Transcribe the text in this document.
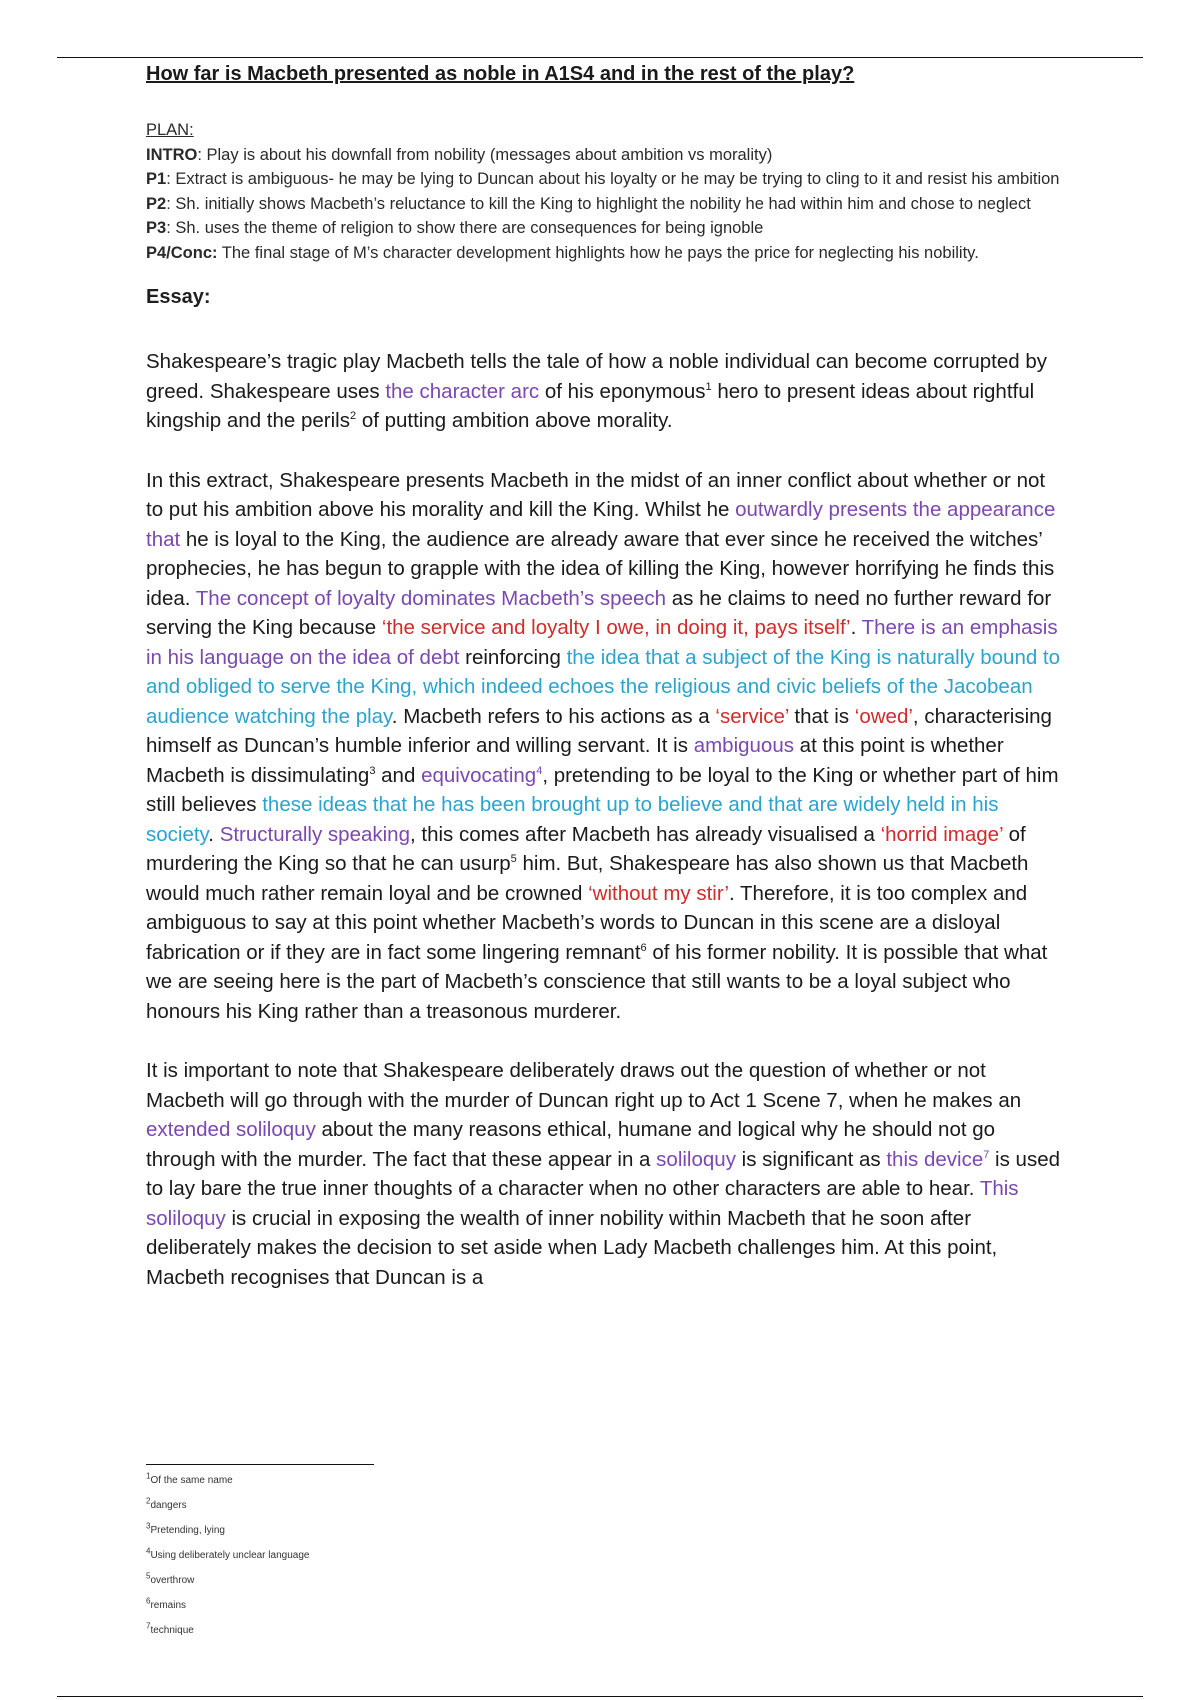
How far is Macbeth presented as noble in A1S4 and in the rest of the play?
PLAN:
INTRO: Play is about his downfall from nobility (messages about ambition vs morality)
P1: Extract is ambiguous- he may be lying to Duncan about his loyalty or he may be trying to cling to it and resist his ambition
P2: Sh. initially shows Macbeth’s reluctance to kill the King to highlight the nobility he had within him and chose to neglect
P3: Sh. uses the theme of religion to show there are consequences for being ignoble
P4/Conc: The final stage of M’s character development highlights how he pays the price for neglecting his nobility.
Essay:

Shakespeare’s tragic play Macbeth tells the tale of how a noble individual can become corrupted by greed. Shakespeare uses the character arc of his eponymous$^1$ hero to present ideas about rightful kingship and the perils$^2$ of putting ambition above morality.

In this extract, Shakespeare presents Macbeth in the midst of an inner conflict about whether or not to put his ambition above his morality and kill the King. Whilst he outwardly presents the appearance that he is loyal to the King, the audience are already aware that ever since he received the witches’ prophecies, he has begun to grapple with the idea of killing the King, however horrifying he finds this idea. The concept of loyalty dominates Macbeth’s speech as he claims to need no further reward for serving the King because ‘the service and loyalty I owe, in doing it, pays itself’. There is an emphasis in his language on the idea of debt reinforcing the idea that a subject of the King is naturally bound to and obliged to serve the King, which indeed echoes the religious and civic beliefs of the Jacobean audience watching the play. Macbeth refers to his actions as a ‘service’ that is ‘owed’, characterising himself as Duncan’s humble inferior and willing servant. It is ambiguous at this point is whether Macbeth is dissimulating$^3$ and equivocating$^4$, pretending to be loyal to the King or whether part of him still believes these ideas that he has been brought up to believe and that are widely held in his society. Structurally speaking, this comes after Macbeth has already visualised a ‘horrid image’ of murdering the King so that he can usurp$^5$ him. But, Shakespeare has also shown us that Macbeth would much rather remain loyal and be crowned ‘without my stir’. Therefore, it is too complex and ambiguous to say at this point whether Macbeth’s words to Duncan in this scene are a disloyal fabrication or if they are in fact some lingering remnant$^6$ of his former nobility. It is possible that what we are seeing here is the part of Macbeth’s conscience that still wants to be a loyal subject who honours his King rather than a treasonous murderer.

It is important to note that Shakespeare deliberately draws out the question of whether or not Macbeth will go through with the murder of Duncan right up to Act 1 Scene 7, when he makes an extended soliloquy about the many reasons ethical, humane and logical why he should not go through with the murder. The fact that these appear in a soliloquy is significant as this device$^7$ is used to lay bare the true inner thoughts of a character when no other characters are able to hear. This soliloquy is crucial in exposing the wealth of inner nobility within Macbeth that he soon after deliberately makes the decision to set aside when Lady Macbeth challenges him. At this point, Macbeth recognises that Duncan is a

$^1$Of the same name
$^2$dangers
$^3$Pretending, lying
$^4$Using deliberately unclear language
$^5$overthrow
$^6$remains
$^7$technique
